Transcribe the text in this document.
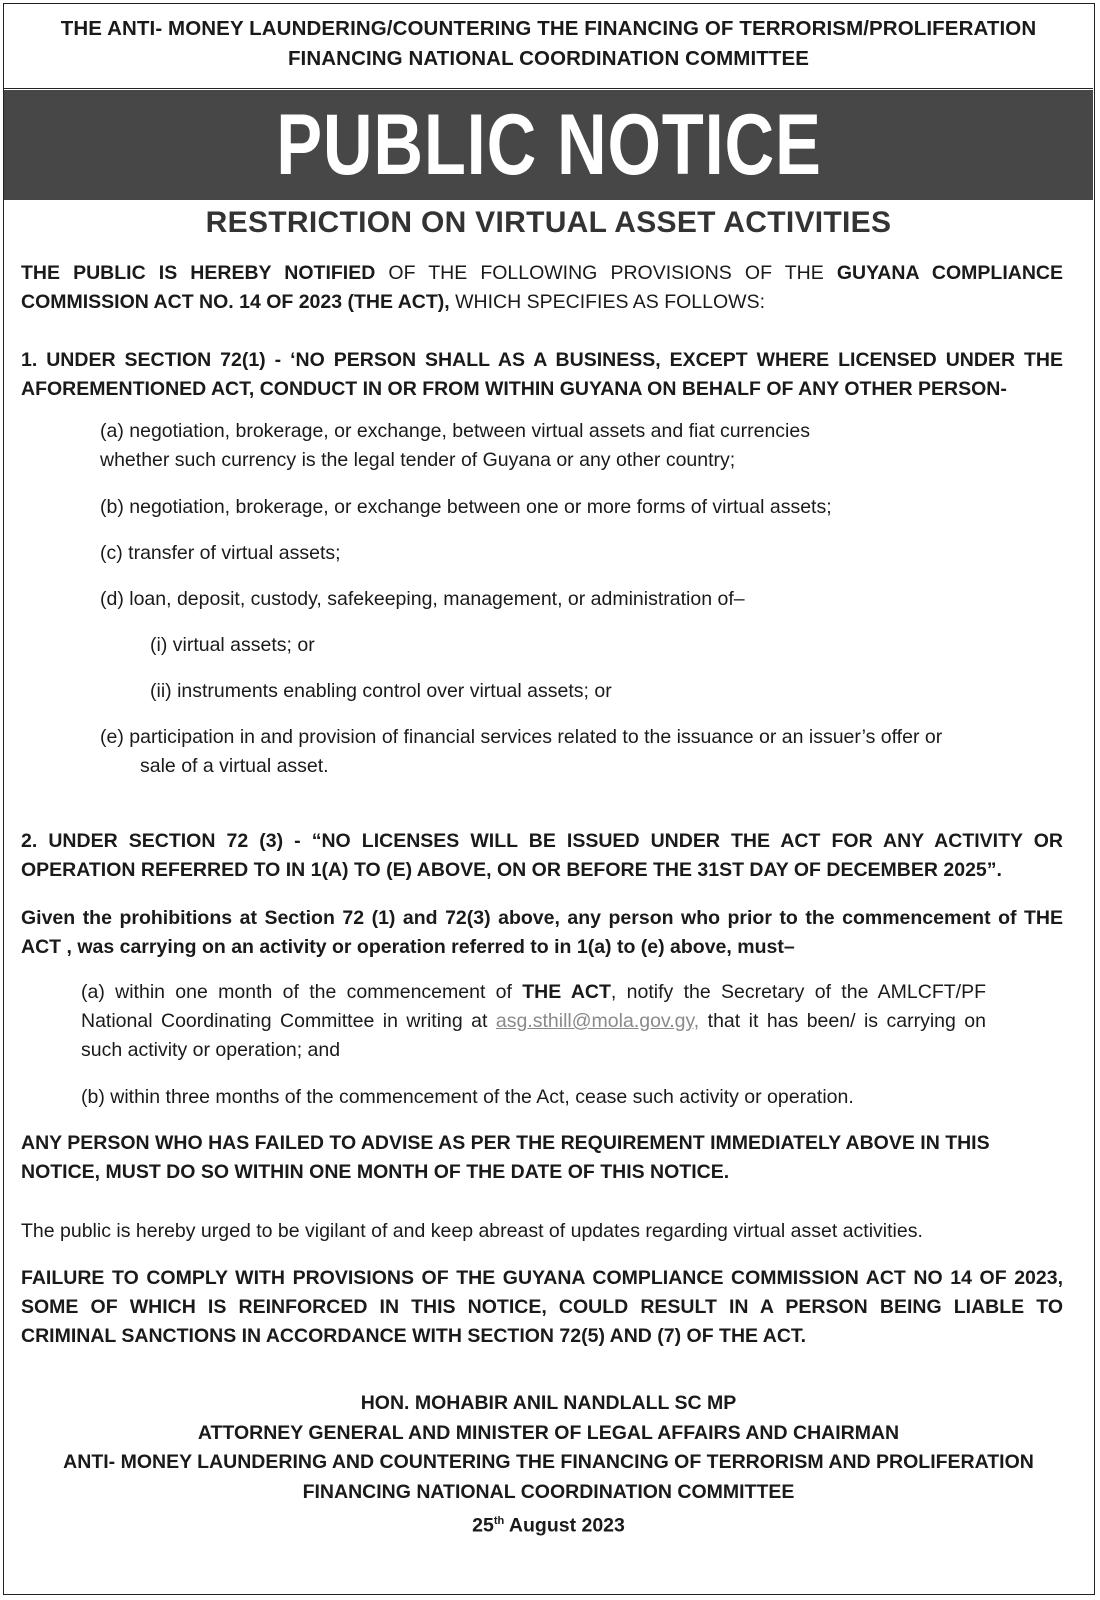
THE ANTI- MONEY LAUNDERING/COUNTERING THE FINANCING OF TERRORISM/PROLIFERATION
FINANCING NATIONAL COORDINATION COMMITTEE
PUBLIC NOTICE
RESTRICTION ON VIRTUAL ASSET ACTIVITIES
THE PUBLIC IS HEREBY NOTIFIED OF THE FOLLOWING PROVISIONS OF THE GUYANA COMPLIANCE COMMISSION ACT NO. 14 OF 2023 (THE ACT), WHICH SPECIFIES AS FOLLOWS:
1. UNDER SECTION 72(1) - ‘NO PERSON SHALL AS A BUSINESS, EXCEPT WHERE LICENSED UNDER THE AFOREMENTIONED ACT, CONDUCT IN OR FROM WITHIN GUYANA ON BEHALF OF ANY OTHER PERSON-
(a) negotiation, brokerage, or exchange, between virtual assets and fiat currencies
whether such currency is the legal tender of Guyana or any other country;
(b) negotiation, brokerage, or exchange between one or more forms of virtual assets;
(c) transfer of virtual assets;
(d) loan, deposit, custody, safekeeping, management, or administration of–
(i) virtual assets; or
(ii) instruments enabling control over virtual assets; or
(e) participation in and provision of financial services related to the issuance or an issuer’s offer or
sale of a virtual asset.
2. UNDER SECTION 72 (3) - “NO LICENSES WILL BE ISSUED UNDER THE ACT FOR ANY ACTIVITY OR OPERATION REFERRED TO IN 1(A) TO (E) ABOVE, ON OR BEFORE THE 31ST DAY OF DECEMBER 2025”.
Given the prohibitions at Section 72 (1) and 72(3) above, any person who prior to the commencement of THE ACT , was carrying on an activity or operation referred to in 1(a) to (e) above, must–
(a) within one month of the commencement of THE ACT, notify the Secretary of the AMLCFT/PF National Coordinating Committee in writing at asg.sthill@mola.gov.gy, that it has been/ is carrying on such activity or operation; and
(b) within three months of the commencement of the Act, cease such activity or operation.
ANY PERSON WHO HAS FAILED TO ADVISE AS PER THE REQUIREMENT IMMEDIATELY ABOVE IN THIS NOTICE, MUST DO SO WITHIN ONE MONTH OF THE DATE OF THIS NOTICE.
The public is hereby urged to be vigilant of and keep abreast of updates regarding virtual asset activities.
FAILURE TO COMPLY WITH PROVISIONS OF THE GUYANA COMPLIANCE COMMISSION ACT NO 14 OF 2023, SOME OF WHICH IS REINFORCED IN THIS NOTICE, COULD RESULT IN A PERSON BEING LIABLE TO CRIMINAL SANCTIONS IN ACCORDANCE WITH SECTION 72(5) AND (7) OF THE ACT.
HON. MOHABIR ANIL NANDLALL SC MP
ATTORNEY GENERAL AND MINISTER OF LEGAL AFFAIRS AND CHAIRMAN
ANTI- MONEY LAUNDERING AND COUNTERING THE FINANCING OF TERRORISM AND PROLIFERATION
FINANCING NATIONAL COORDINATION COMMITTEE
25th August 2023
